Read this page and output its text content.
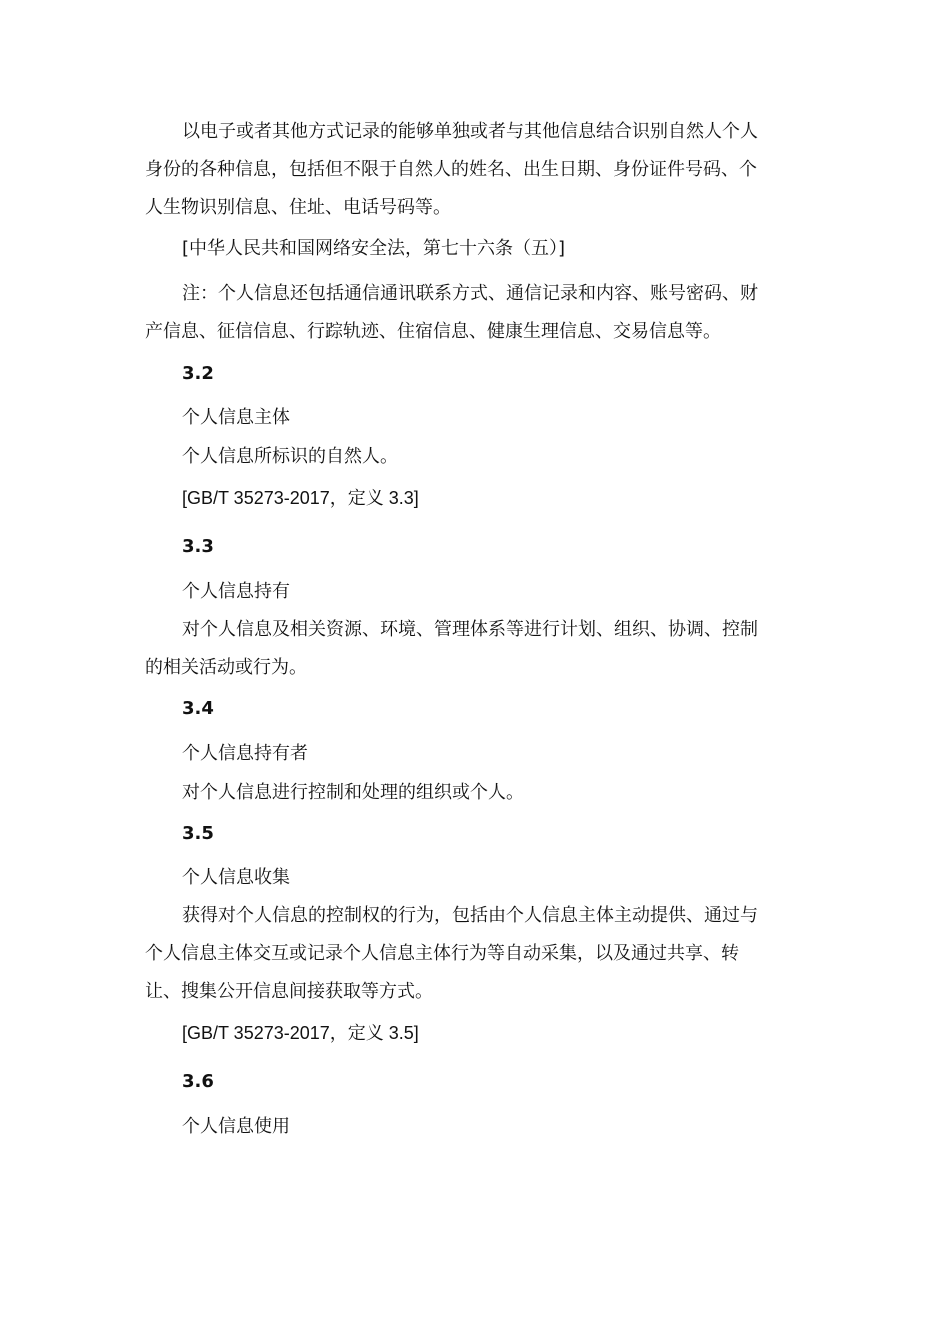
以电子或者其他方式记录的能够单独或者与其他信息结合识别自然人个人

身份的各种信息，包括但不限于自然人的姓名、出生日期、身份证件号码、个

人生物识别信息、住址、电话号码等。

[中华人民共和国网络安全法，第七十六条（五）]

注：个人信息还包括通信通讯联系方式、通信记录和内容、账号密码、财

产信息、征信信息、行踪轨迹、住宿信息、健康生理信息、交易信息等。

3.2

个人信息主体

个人信息所标识的自然人。

[GB/T 35273-2017，定义 3.3]

3.3

个人信息持有

对个人信息及相关资源、环境、管理体系等进行计划、组织、协调、控制

的相关活动或行为。

3.4

个人信息持有者

对个人信息进行控制和处理的组织或个人。

3.5

个人信息收集

获得对个人信息的控制权的行为，包括由个人信息主体主动提供、通过与

个人信息主体交互或记录个人信息主体行为等自动采集，以及通过共享、转

让、搜集公开信息间接获取等方式。

[GB/T 35273-2017，定义 3.5]

3.6

个人信息使用
